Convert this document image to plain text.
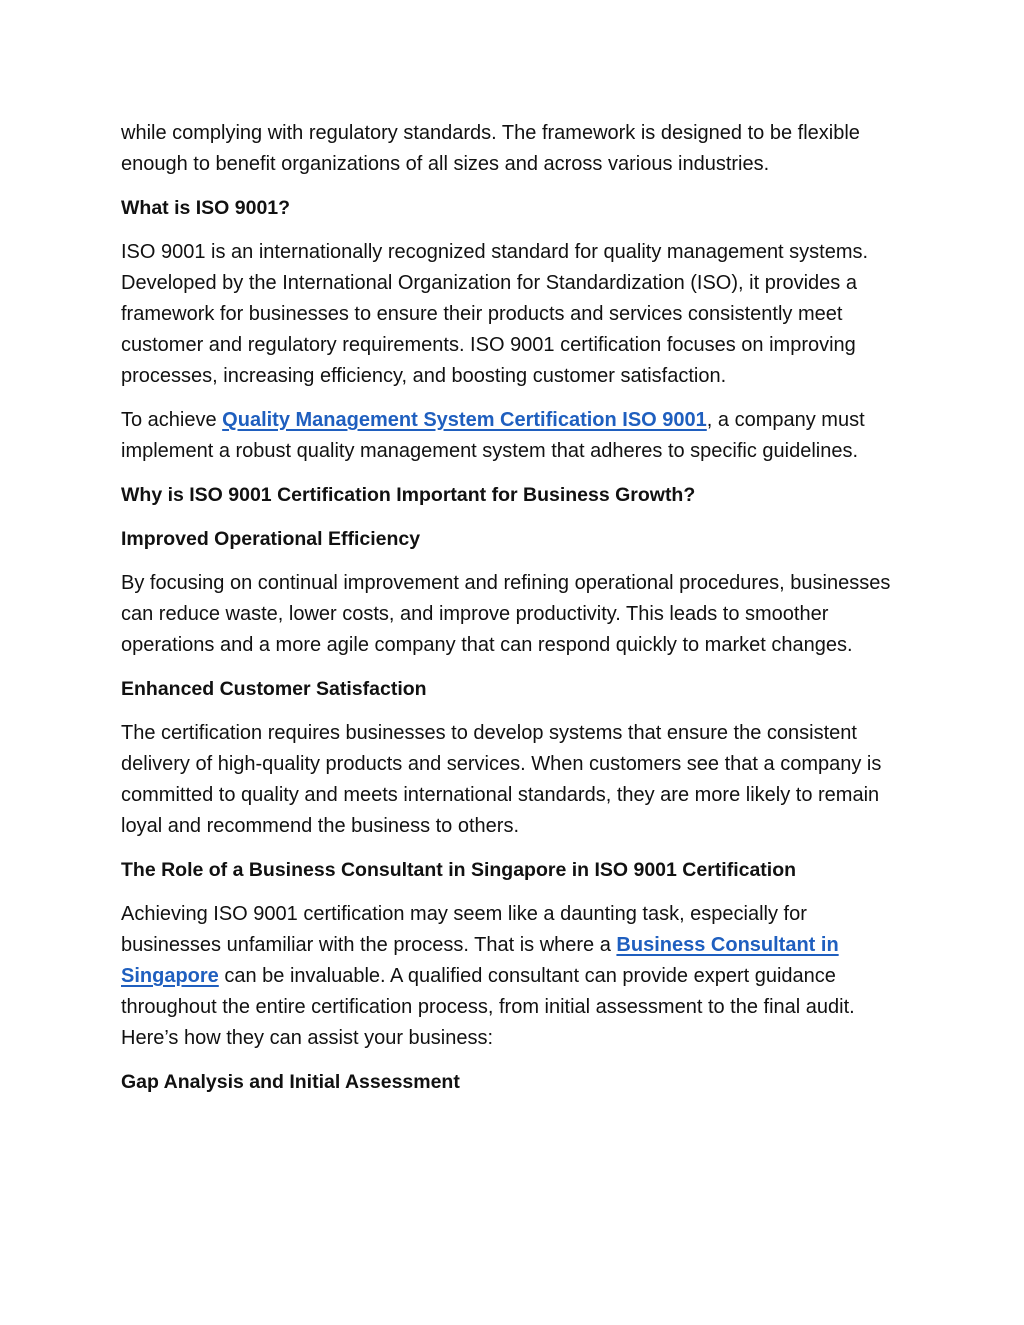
while complying with regulatory standards. The framework is designed to be flexible enough to benefit organizations of all sizes and across various industries.

What is ISO 9001?

ISO 9001 is an internationally recognized standard for quality management systems. Developed by the International Organization for Standardization (ISO), it provides a framework for businesses to ensure their products and services consistently meet customer and regulatory requirements. ISO 9001 certification focuses on improving processes, increasing efficiency, and boosting customer satisfaction.

To achieve Quality Management System Certification ISO 9001, a company must implement a robust quality management system that adheres to specific guidelines.

Why is ISO 9001 Certification Important for Business Growth?
Improved Operational Efficiency

By focusing on continual improvement and refining operational procedures, businesses can reduce waste, lower costs, and improve productivity. This leads to smoother operations and a more agile company that can respond quickly to market changes.

Enhanced Customer Satisfaction

The certification requires businesses to develop systems that ensure the consistent delivery of high-quality products and services. When customers see that a company is committed to quality and meets international standards, they are more likely to remain loyal and recommend the business to others.

The Role of a Business Consultant in Singapore in ISO 9001 Certification

Achieving ISO 9001 certification may seem like a daunting task, especially for businesses unfamiliar with the process. That is where a Business Consultant in Singapore can be invaluable. A qualified consultant can provide expert guidance throughout the entire certification process, from initial assessment to the final audit. Here’s how they can assist your business:

Gap Analysis and Initial Assessment
